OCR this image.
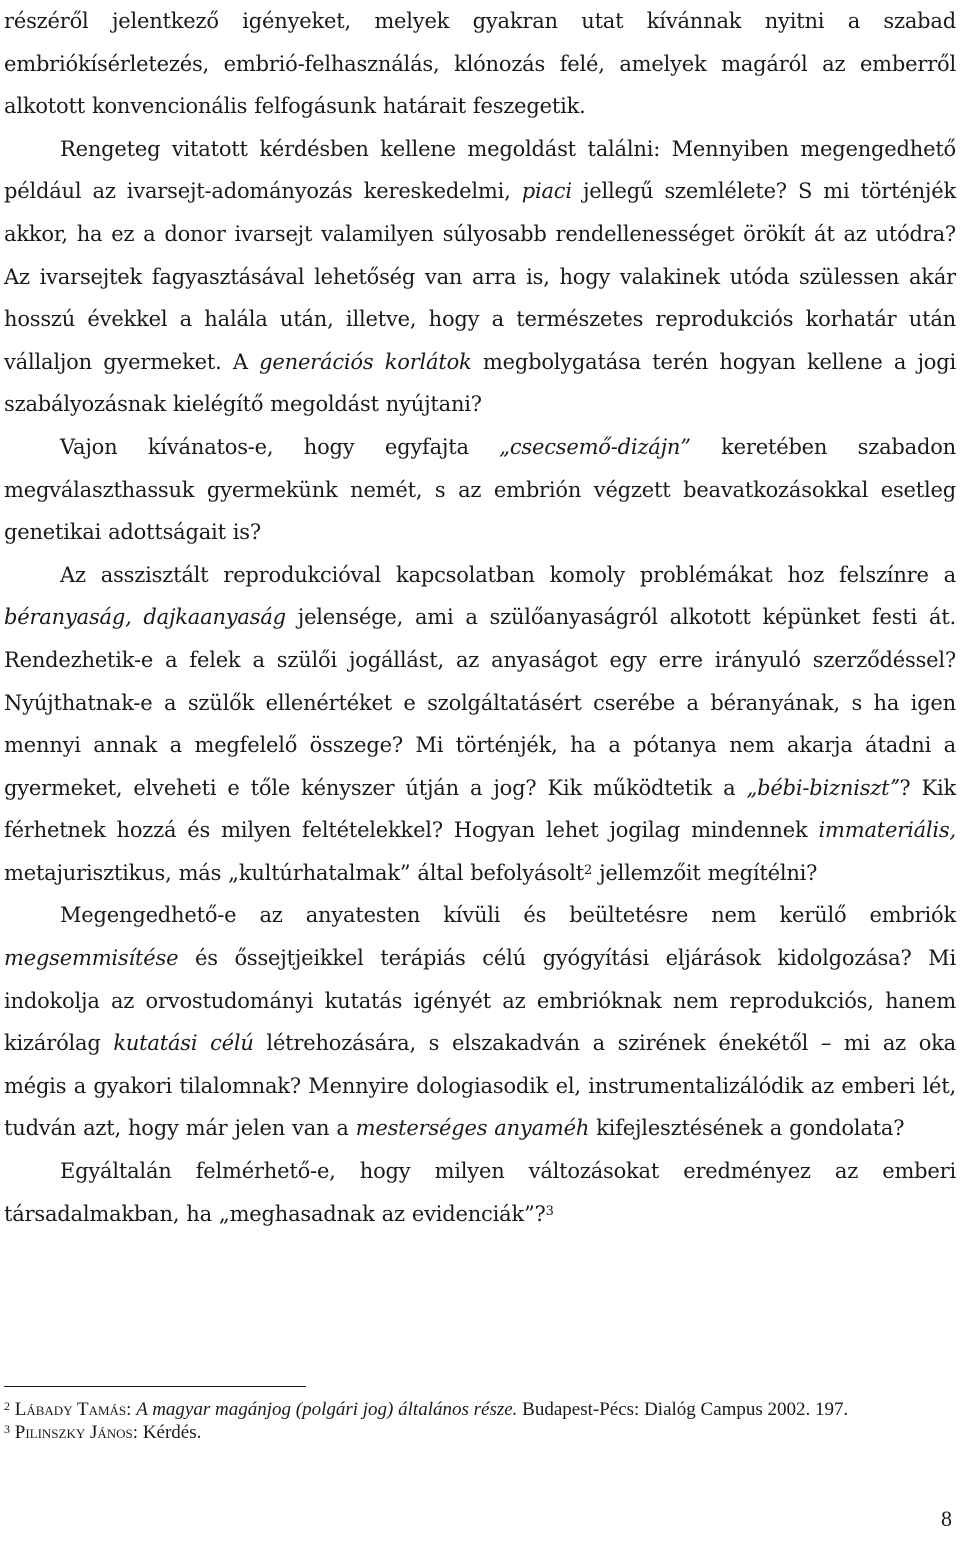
részéről jelentkező igényeket, melyek gyakran utat kívánnak nyitni a szabad embriókísérletezés, embrió-felhasználás, klónozás felé, amelyek magáról az emberről alkotott konvencionális felfogásunk határait feszegetik.

Rengeteg vitatott kérdésben kellene megoldást találni: Mennyiben megengedhető például az ivarsejt-adományozás kereskedelmi, piaci jellegű szemlélete? S mi történjék akkor, ha ez a donor ivarsejt valamilyen súlyosabb rendellenességet örökít át az utódra? Az ivarsejtek fagyasztásával lehetőség van arra is, hogy valakinek utóda szülessen akár hosszú évekkel a halála után, illetve, hogy a természetes reprodukciós korhatár után vállaljon gyermeket. A generációs korlátok megbolygatása terén hogyan kellene a jogi szabályozásnak kielégítő megoldást nyújtani?

Vajon kívánatos-e, hogy egyfajta „csecsemő-dizájn” keretében szabadon megválaszthassuk gyermekünk nemét, s az embrión végzett beavatkozásokkal esetleg genetikai adottságait is?

Az asszisztált reprodukcióval kapcsolatban komoly problémákat hoz felszínre a béranyaság, dajkaanyaság jelensége, ami a szülőanyaságról alkotott képünket festi át. Rendezhetik-e a felek a szülői jogállást, az anyaságot egy erre irányuló szerződéssel? Nyújthatnak-e a szülők ellenértéket e szolgáltatásért cserébe a béranyának, s ha igen mennyi annak a megfelelő összege? Mi történjék, ha a pótanya nem akarja átadni a gyermeket, elveheti e tőle kényszer útján a jog? Kik működtetik a „bébi-biznisztˮ? Kik férhetnek hozzá és milyen feltételekkel? Hogyan lehet jogilag mindennek immateriális, metajurisztikus, más „kultúrhatalmak” által befolyásolt$^2$ jellemzőit megítélni?

Megengedhető-e az anyatesten kívüli és beültetésre nem kerülő embriók megsemmisítése és őssejtjeikkel terápiás célú gyógyítási eljárások kidolgozása? Mi indokolja az orvostudományi kutatás igényét az embrióknak nem reprodukciós, hanem kizárólag kutatási célú létrehozására, s elszakadván a szirének énekétől – mi az oka mégis a gyakori tilalomnak? Mennyire dologiasodik el, instrumentalizálódik az emberi lét, tudván azt, hogy már jelen van a mesterséges anyaméh kifejlesztésének a gondolata?

Egyáltalán felmérhető-e, hogy milyen változásokat eredményez az emberi társadalmakban, ha „meghasadnak az evidenciák”?$^3$

$^2$ Lábady Tamás: A magyar magánjog (polgári jog) általános része. Budapest-Pécs: Dialóg Campus 2002. 197.

$^3$ Pilinszky János: Kérdés.

8
